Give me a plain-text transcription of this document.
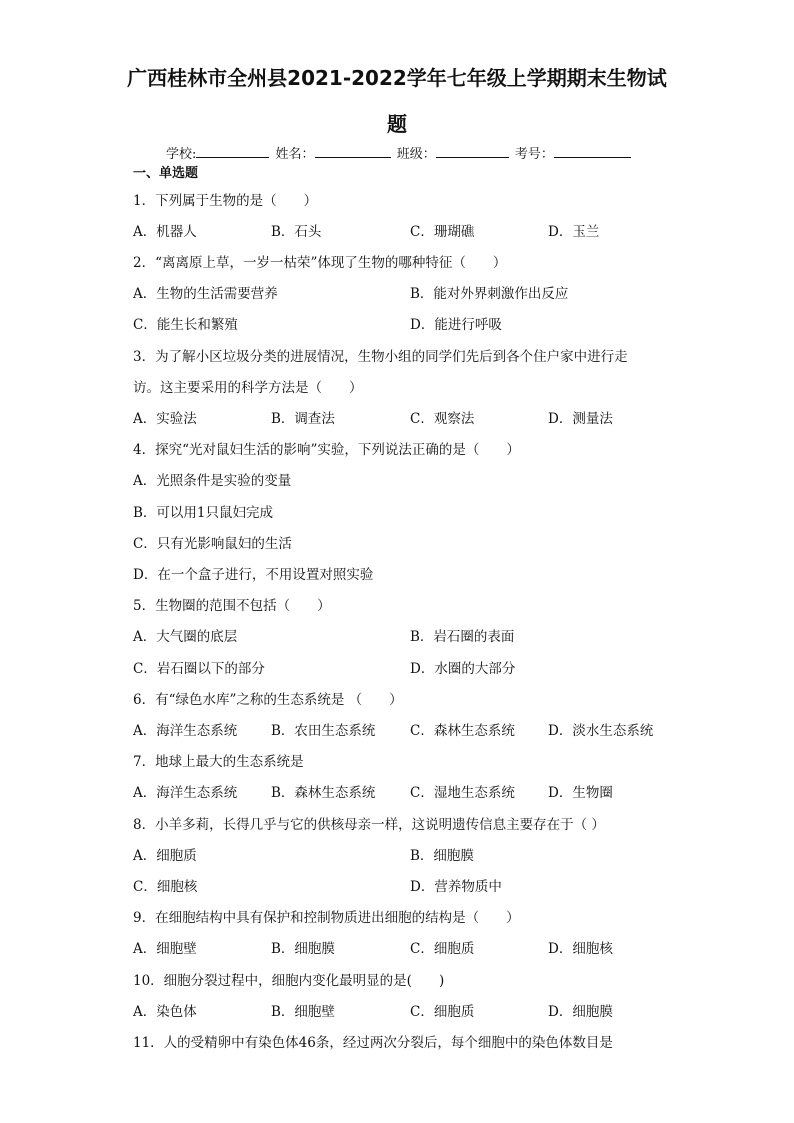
广西桂林市全州县2021-2022学年七年级上学期期末生物试
题
学校:	姓名：	班级：	考号：
一、单选题
1．下列属于生物的是（　　）
A．机器人	B．石头	C．珊瑚礁	D．玉兰
2．“离离原上草，一岁一枯荣”体现了生物的哪种特征（　　）
A．生物的生活需要营养	B．能对外界刺激作出反应
C．能生长和繁殖	D．能进行呼吸
3．为了解小区垃圾分类的进展情况，生物小组的同学们先后到各个住户家中进行走
访。这主要采用的科学方法是（　　）
A．实验法	B．调查法	C．观察法	D．测量法
4．探究“光对鼠妇生活的影响”实验，下列说法正确的是（　　）
A．光照条件是实验的变量
B．可以用1只鼠妇完成
C．只有光影响鼠妇的生活
D．在一个盒子进行，不用设置对照实验
5．生物圈的范围不包括（　　）
A．大气圈的底层	B．岩石圈的表面
C．岩石圈以下的部分	D．水圈的大部分
6．有“绿色水库”之称的生态系统是 （　　）
A．海洋生态系统	B．农田生态系统	C．森林生态系统 D．淡水生态系统
7．地球上最大的生态系统是
A．海洋生态系统	B．森林生态系统	C．湿地生态系统 D．生物圈
8．小羊多莉，长得几乎与它的供核母亲一样，这说明遗传信息主要存在于（ ）
A．细胞质	B．细胞膜
C．细胞核	D．营养物质中
9．在细胞结构中具有保护和控制物质进出细胞的结构是（　　）
A．细胞壁	B．细胞膜	C．细胞质	D．细胞核
10．细胞分裂过程中，细胞内变化最明显的是(　　)
A．染色体	B．细胞壁	C．细胞质	D．细胞膜
11．人的受精卵中有染色体46条，经过两次分裂后，每个细胞中的染色体数目是
